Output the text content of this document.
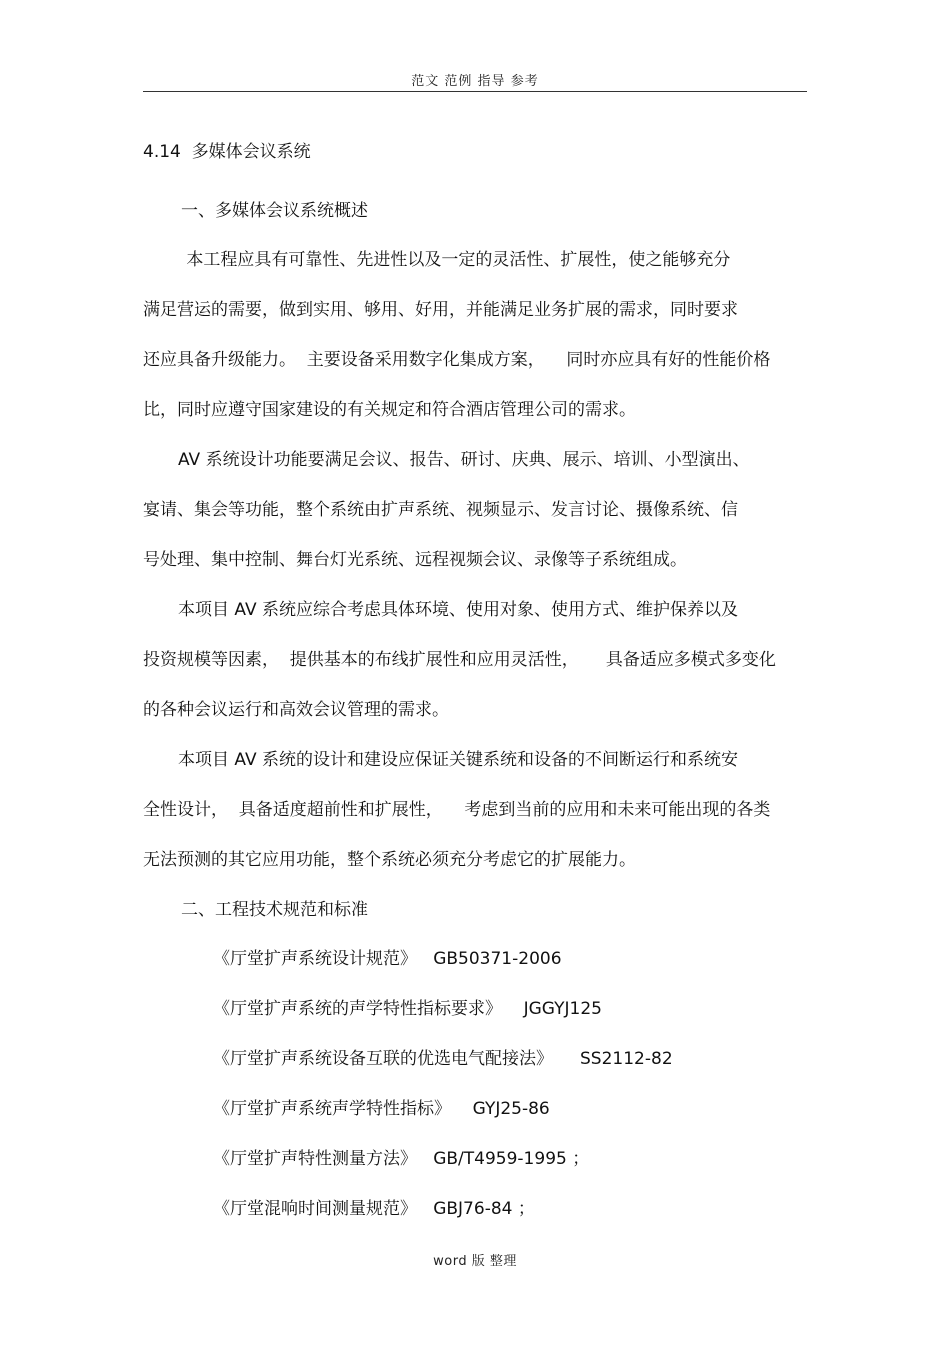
范文 范例 指导 参考
4.14  多媒体会议系统
一、多媒体会议系统概述
本工程应具有可靠性、先进性以及一定的灵活性、扩展性，使之能够充分
满足营运的需要，做到实用、够用、好用，并能满足业务扩展的需求，同时要求
还应具备升级能力。  主要设备采用数字化集成方案，    同时亦应具有好的性能价格
比，同时应遵守国家建设的有关规定和符合酒店管理公司的需求。
AV 系统设计功能要满足会议、报告、研讨、庆典、展示、培训、小型演出、
宴请、集会等功能，整个系统由扩声系统、视频显示、发言讨论、摄像系统、信
号处理、集中控制、舞台灯光系统、远程视频会议、录像等子系统组成。
本项目 AV 系统应综合考虑具体环境、使用对象、使用方式、维护保养以及
投资规模等因素，  提供基本的布线扩展性和应用灵活性，     具备适应多模式多变化
的各种会议运行和高效会议管理的需求。
本项目 AV 系统的设计和建设应保证关键系统和设备的不间断运行和系统安
全性设计，  具备适度超前性和扩展性，    考虑到当前的应用和未来可能出现的各类
无法预测的其它应用功能，整个系统必须充分考虑它的扩展能力。
二、工程技术规范和标准
《厅堂扩声系统设计规范》   GB50371-2006
《厅堂扩声系统的声学特性指标要求》    JGGYJ125
《厅堂扩声系统设备互联的优选电气配接法》     SS2112-82
《厅堂扩声系统声学特性指标》    GYJ25-86
《厅堂扩声特性测量方法》   GB/T4959-1995 ；
《厅堂混响时间测量规范》   GBJ76-84 ；
word 版 整理
